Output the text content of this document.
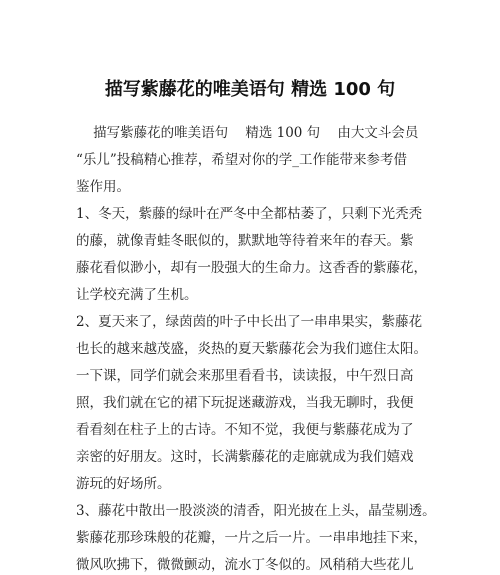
描写紫藤花的唯美语句 精选 100 句
描写紫藤花的唯美语句    精选 100 句    由大文斗会员
“乐儿”投稿精心推荐，希望对你的学_工作能带来参考借
鉴作用。
1、冬天，紫藤的绿叶在严冬中全都枯萎了，只剩下光秃秃
的藤，就像青蛙冬眠似的，默默地等待着来年的春天。紫
藤花看似渺小，却有一股强大的生命力。这香香的紫藤花，
让学校充满了生机。
2、夏天来了，绿茵茵的叶子中长出了一串串果实，紫藤花
也长的越来越茂盛，炎热的夏天紫藤花会为我们遮住太阳。
一下课，同学们就会来那里看看书，读读报，中午烈日高
照，我们就在它的裙下玩捉迷藏游戏，当我无聊时，我便
看看刻在柱子上的古诗。不知不觉，我便与紫藤花成为了
亲密的好朋友。这时，长满紫藤花的走廊就成为我们嬉戏
游玩的好场所。
3、藤花中散出一股淡淡的清香，阳光披在上头，晶莹剔透。
紫藤花那珍珠般的花瓣，一片之后一片。一串串地挂下来，
微风吹拂下，微微颤动，流水丁冬似的。风稍稍大些花儿
